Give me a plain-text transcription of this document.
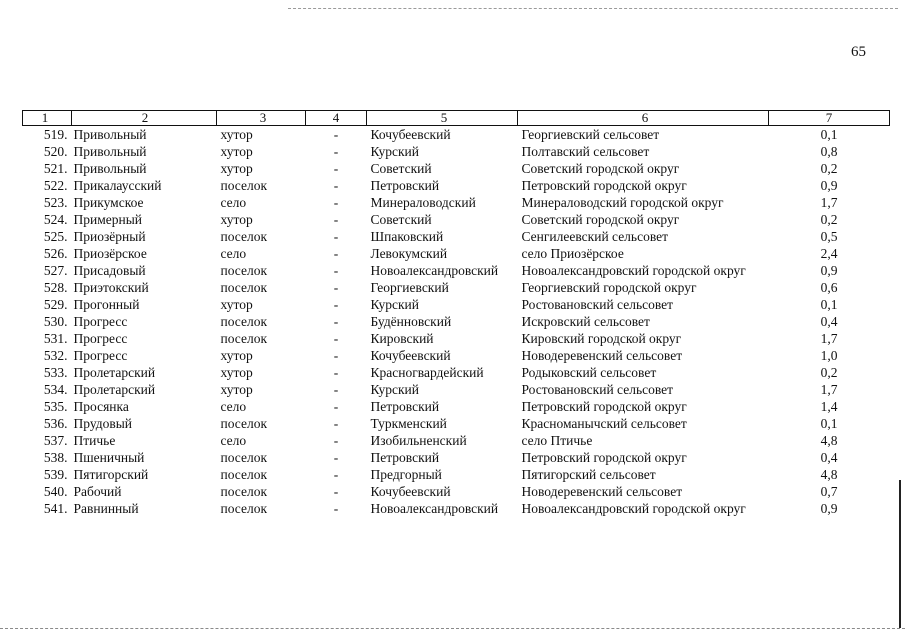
65
1	2	3	4	5	6	7
519.	Привольный	хутор	-	Кочубеевский	Георгиевский сельсовет	0,1
520.	Привольный	хутор	-	Курский	Полтавский сельсовет	0,8
521.	Привольный	хутор	-	Советский	Советский городской округ	0,2
522.	Прикалаусский	поселок	-	Петровский	Петровский городской округ	0,9
523.	Прикумское	село	-	Минераловодский	Минераловодский городской округ	1,7
524.	Примерный	хутор	-	Советский	Советский городской округ	0,2
525.	Приозёрный	поселок	-	Шпаковский	Сенгилеевский сельсовет	0,5
526.	Приозёрское	село	-	Левокумский	село Приозёрское	2,4
527.	Присадовый	поселок	-	Новоалександровский	Новоалександровский городской округ	0,9
528.	Приэтокский	поселок	-	Георгиевский	Георгиевский городской округ	0,6
529.	Прогонный	хутор	-	Курский	Ростовановский сельсовет	0,1
530.	Прогресс	поселок	-	Будённовский	Искровский сельсовет	0,4
531.	Прогресс	поселок	-	Кировский	Кировский городской округ	1,7
532.	Прогресс	хутор	-	Кочубеевский	Новодеревенский сельсовет	1,0
533.	Пролетарский	хутор	-	Красногвардейский	Родыковский сельсовет	0,2
534.	Пролетарский	хутор	-	Курский	Ростовановский сельсовет	1,7
535.	Просянка	село	-	Петровский	Петровский городской округ	1,4
536.	Прудовый	поселок	-	Туркменский	Красноманычский сельсовет	0,1
537.	Птичье	село	-	Изобильненский	село Птичье	4,8
538.	Пшеничный	поселок	-	Петровский	Петровский городской округ	0,4
539.	Пятигорский	поселок	-	Предгорный	Пятигорский сельсовет	4,8
540.	Рабочий	поселок	-	Кочубеевский	Новодеревенский сельсовет	0,7
541.	Равнинный	поселок	-	Новоалександровский	Новоалександровский городской округ	0,9
